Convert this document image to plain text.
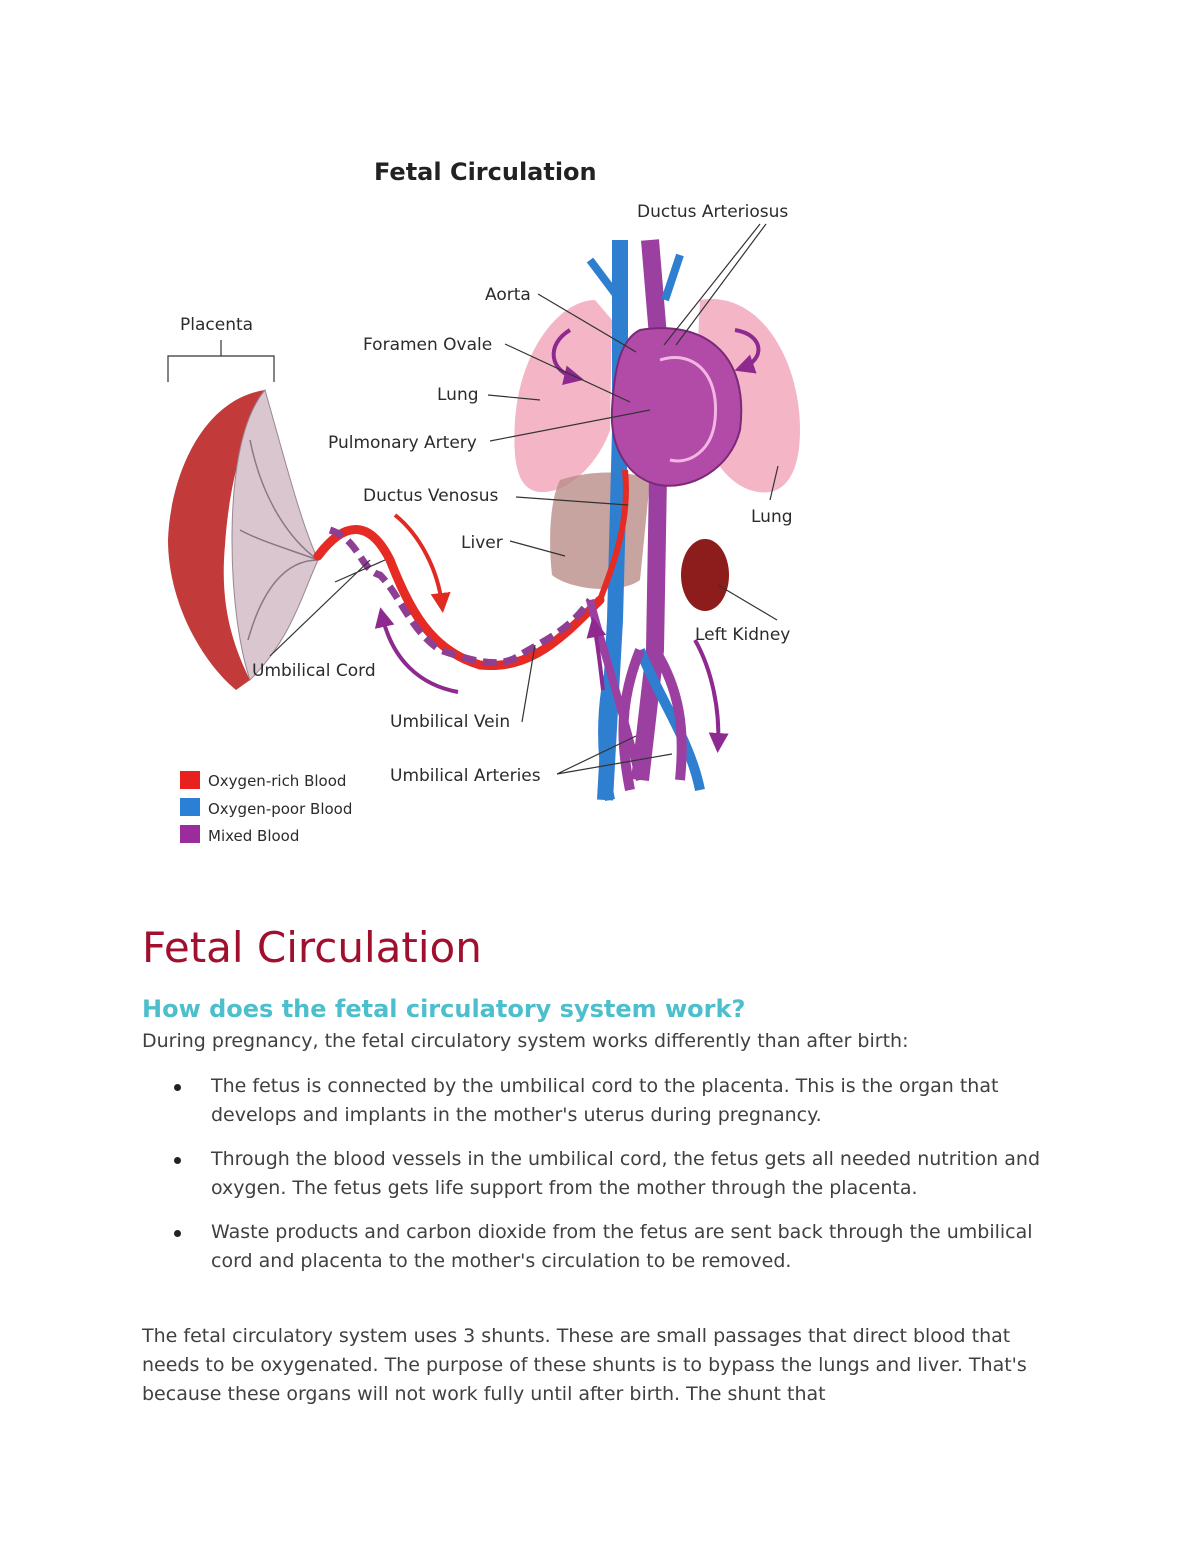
Fetal Circulation
Placenta
Umbilical Cord
Ductus Arteriosus
Aorta
Foramen Ovale
Lung
Pulmonary Artery
Ductus Venosus
Liver
Lung
Left Kidney
Umbilical Vein
Umbilical Arteries
Oxygen-rich Blood
Oxygen-poor Blood
Mixed Blood
Fetal Circulation
How does the fetal circulatory system work?

During pregnancy, the fetal circulatory system works differently than after birth:

The fetus is connected by the umbilical cord to the placenta. This is the organ that develops and implants in the mother's uterus during pregnancy.
Through the blood vessels in the umbilical cord, the fetus gets all needed nutrition and oxygen. The fetus gets life support from the mother through the placenta.
Waste products and carbon dioxide from the fetus are sent back through the umbilical cord and placenta to the mother's circulation to be removed.

The fetal circulatory system uses 3 shunts. These are small passages that direct blood that needs to be oxygenated. The purpose of these shunts is to bypass the lungs and liver. That's because these organs will not work fully until after birth. The shunt that
